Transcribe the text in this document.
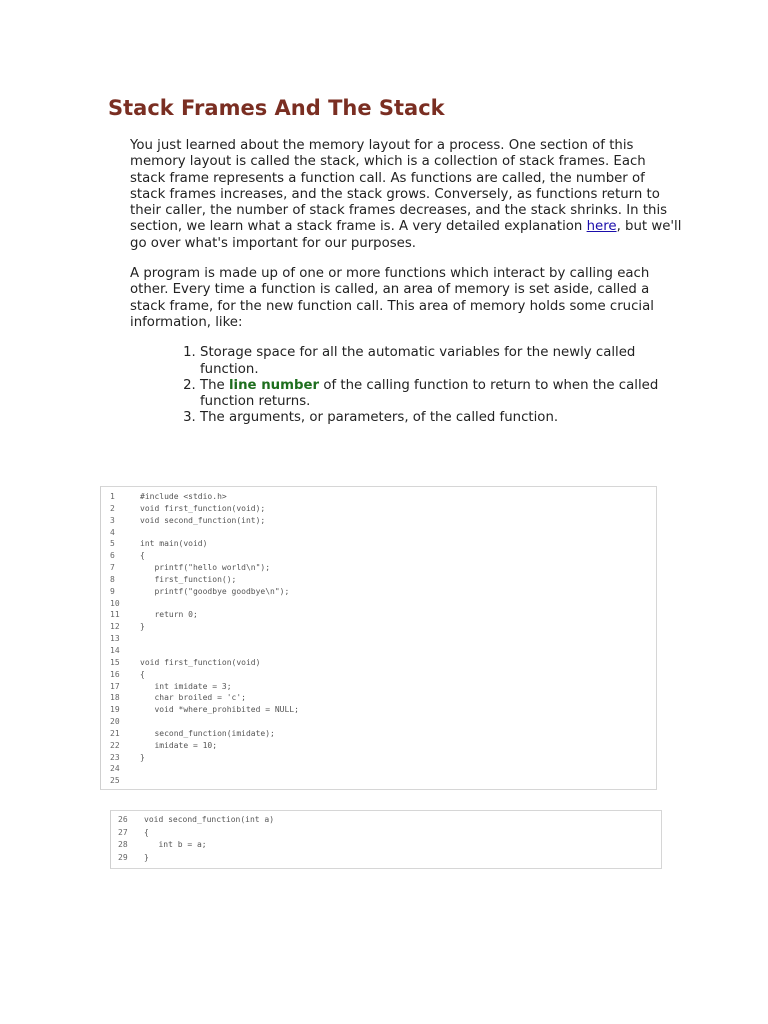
Stack Frames And The Stack

You just learned about the memory layout for a process. One section of this memory layout is called the stack, which is a collection of stack frames. Each stack frame represents a function call. As functions are called, the number of stack frames increases, and the stack grows. Conversely, as functions return to their caller, the number of stack frames decreases, and the stack shrinks. In this section, we learn what a stack frame is. A very detailed explanation here, but we'll go over what's important for our purposes.

A program is made up of one or more functions which interact by calling each other. Every time a function is called, an area of memory is set aside, called a stack frame, for the new function call. This area of memory holds some crucial information, like:

1. Storage space for all the automatic variables for the newly called function.
2. The line number of the calling function to return to when the called function returns.
3. The arguments, or parameters, of the called function.
1	#include <stdio.h>
2	void first_function(void);
3	void second_function(int);
4
5	int main(void)
6	{
7	printf("hello world\n");
8	first_function();
9	printf("goodbye goodbye\n");
10
11	return 0;
12	}
13
14
15	void first_function(void)
16	{
17	int imidate = 3;
18	char broiled = 'c';
19	void *where_prohibited = NULL;
20
21	second_function(imidate);
22	imidate = 10;
23	}
24
25
26	void second_function(int a)
27	{
28	int b = a;
29	}
